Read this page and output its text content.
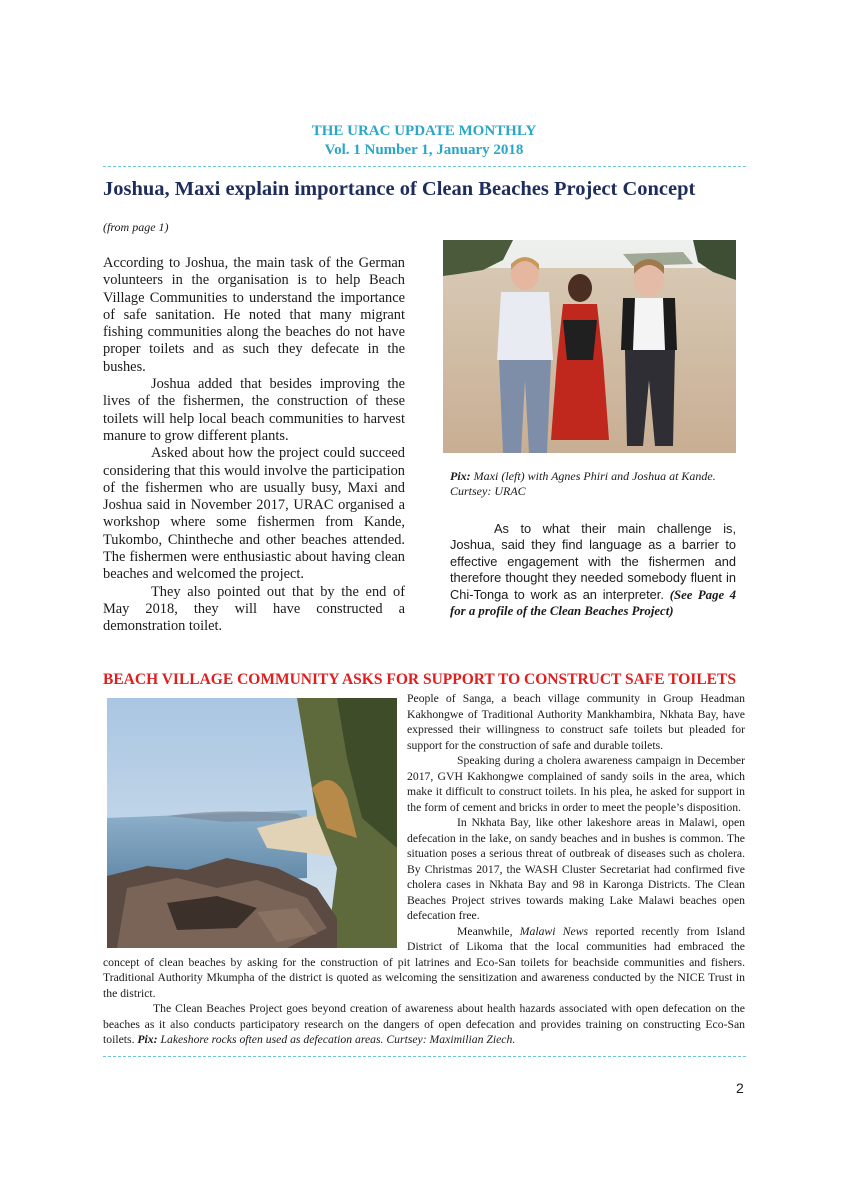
THE URAC UPDATE MONTHLY
Vol. 1 Number 1, January 2018
Joshua, Maxi explain importance of Clean Beaches Project Concept
(from page 1)

According to Joshua, the main task of the German volunteers in the organisation is to help Beach Village Communities to understand the importance of safe sanitation. He noted that many migrant fishing communities along the beaches do not have proper toilets and as such they defecate in the bushes.

Joshua added that besides improving the lives of the fishermen, the construction of these toilets will help local beach communities to harvest manure to grow different plants.

Asked about how the project could succeed considering that this would involve the participation of the fishermen who are usually busy, Maxi and Joshua said in November 2017, URAC organised a workshop where some fishermen from Kande, Tukombo, Chintheche and other beaches attended. The fishermen were enthusiastic about having clean beaches and welcomed the project.

They also pointed out that by the end of May 2018, they will have constructed a demonstration toilet.

Pix: Maxi (left) with Agnes Phiri and Joshua at Kande. Curtsey: URAC

As to what their main challenge is, Joshua, said they find language as a barrier to effective engagement with the fishermen and therefore thought they needed somebody fluent in Chi-Tonga to work as an interpreter. (See Page 4 for a profile of the Clean Beaches Project)

BEACH VILLAGE COMMUNITY ASKS FOR SUPPORT TO CONSTRUCT SAFE TOILETS

People of Sanga, a beach village community in Group Headman Kakhongwe of Traditional Authority Mankhambira, Nkhata Bay, have expressed their willingness to construct safe toilets but pleaded for support for the construction of safe and durable toilets.

Speaking during a cholera awareness campaign in December 2017, GVH Kakhongwe complained of sandy soils in the area, which make it difficult to construct toilets. In his plea, he asked for support in the form of cement and bricks in order to meet the people’s disposition.

In Nkhata Bay, like other lakeshore areas in Malawi, open defecation in the lake, on sandy beaches and in bushes is common. The situation poses a serious threat of outbreak of diseases such as cholera. By Christmas 2017, the WASH Cluster Secretariat had confirmed five cholera cases in Nkhata Bay and 98 in Karonga Districts. The Clean Beaches Project strives towards making Lake Malawi beaches open defecation free.

Meanwhile, Malawi News reported recently from Island District of Likoma that the local communities had embraced the concept of clean beaches by asking for the construction of pit latrines and Eco-San toilets for beachside communities and fishers. Traditional Authority Mkumpha of the district is quoted as welcoming the sensitization and awareness conducted by the NICE Trust in the district.

The Clean Beaches Project goes beyond creation of awareness about health hazards associated with open defecation on the beaches as it also conducts participatory research on the dangers of open defecation and provides training on constructing Eco-San toilets. Pix: Lakeshore rocks often used as defecation areas. Curtsey: Maximilian Ziech.

2
